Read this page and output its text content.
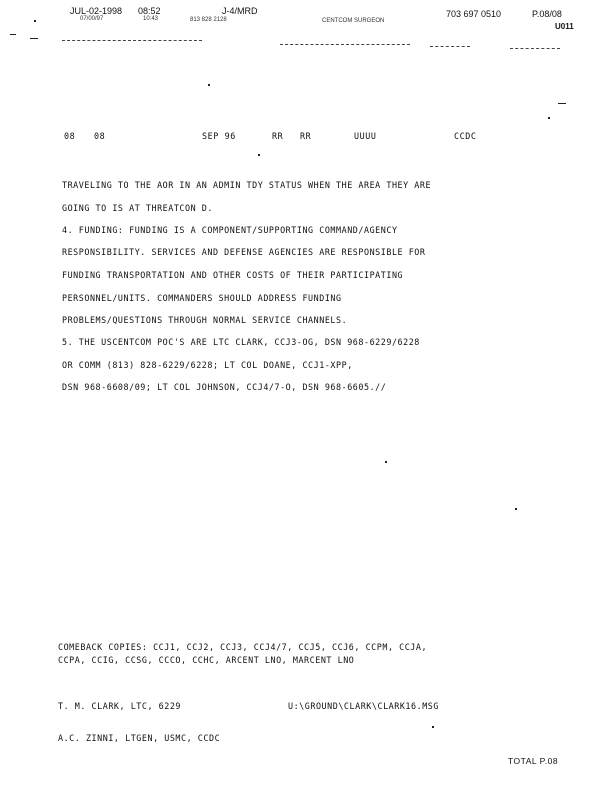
JUL-02-1998 08:52	J-4/MRD	703 697 0510	P.08/08
07/00/97	10:43	813 828 2128	CENTCOM SURGEON
U011
08 08	SEP 96	RR RR	UUUU	CCDC
TRAVELING TO THE AOR IN AN ADMIN TDY STATUS WHEN THE AREA THEY ARE
GOING TO IS AT THREATCON D.
4. FUNDING: FUNDING IS A COMPONENT/SUPPORTING COMMAND/AGENCY
RESPONSIBILITY. SERVICES AND DEFENSE AGENCIES ARE RESPONSIBLE FOR
FUNDING TRANSPORTATION AND OTHER COSTS OF THEIR PARTICIPATING
PERSONNEL/UNITS. COMMANDERS SHOULD ADDRESS FUNDING
PROBLEMS/QUESTIONS THROUGH NORMAL SERVICE CHANNELS.
5. THE USCENTCOM POC'S ARE LTC CLARK, CCJ3-OG, DSN 968-6229/6228
OR COMM (813) 828-6229/6228; LT COL DOANE, CCJ1-XPP,
DSN 968-6608/09; LT COL JOHNSON, CCJ4/7-O, DSN 968-6605.//
COMEBACK COPIES: CCJ1, CCJ2, CCJ3, CCJ4/7, CCJ5, CCJ6, CCPM, CCJA,
CCPA, CCIG, CCSG, CCCO, CCHC, ARCENT LNO, MARCENT LNO
T. M. CLARK, LTC, 6229	U:\GROUND\CLARK\CLARK16.MSG
A.C. ZINNI, LTGEN, USMC, CCDC
TOTAL P.08
